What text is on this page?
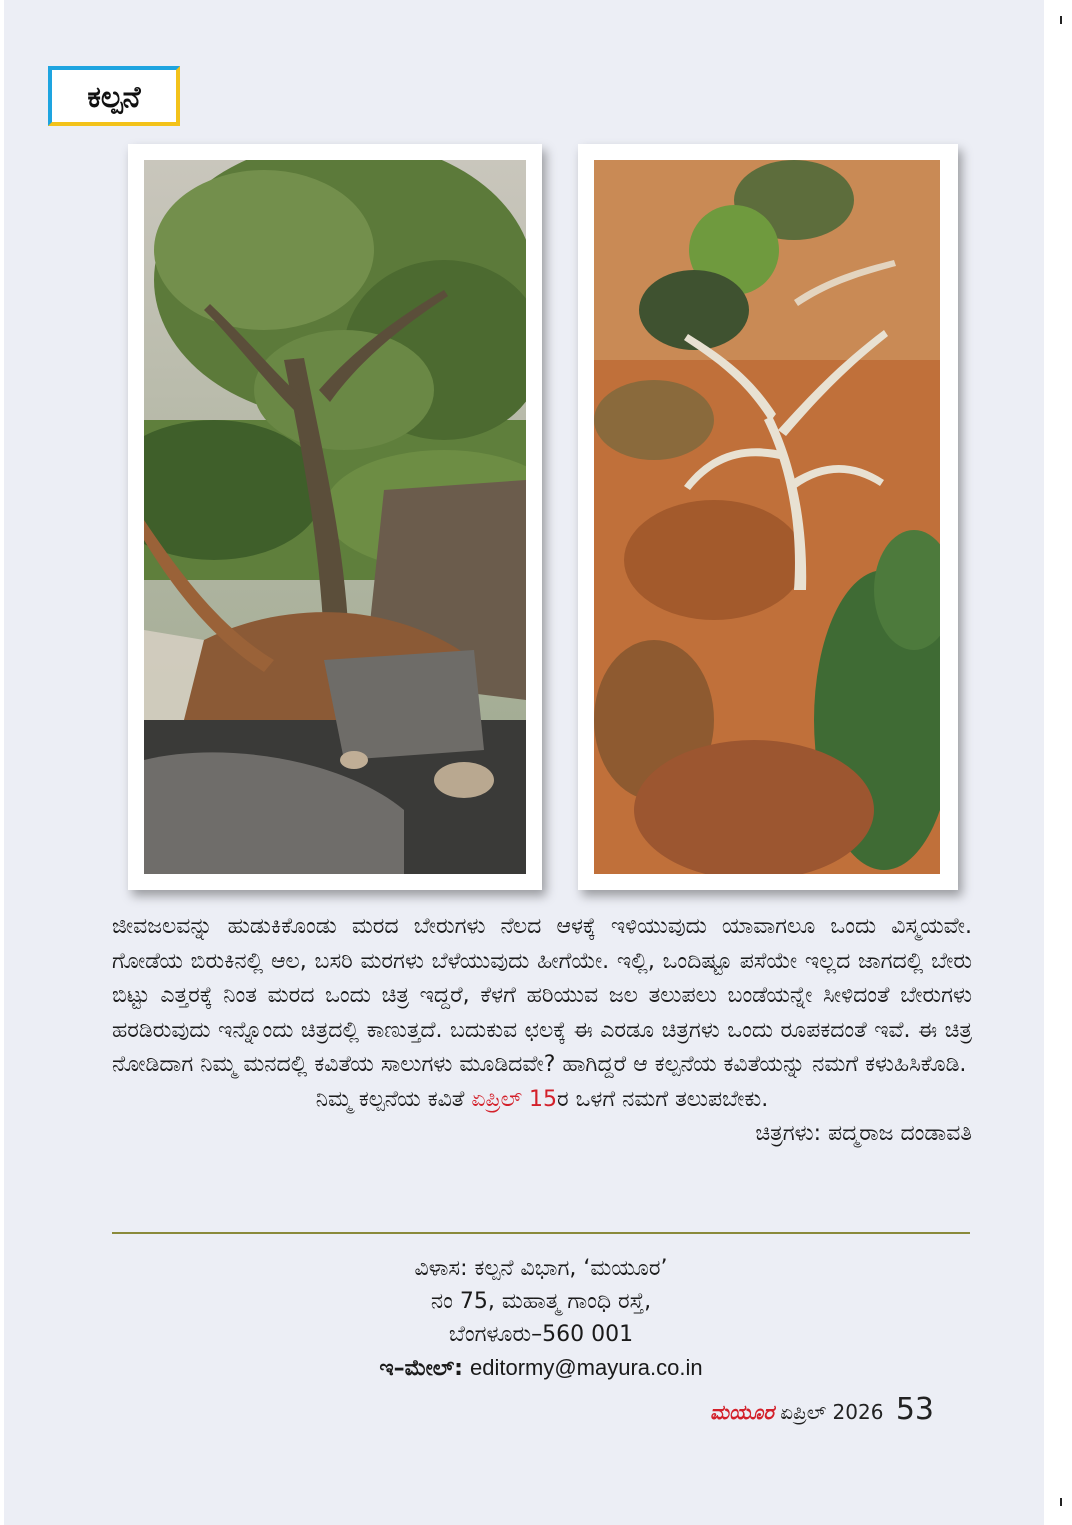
ಕಲ್ಪನೆ
ಜೀವಜಲವನ್ನು ಹುಡುಕಿಕೊಂಡು ಮರದ ಬೇರುಗಳು ನೆಲದ ಆಳಕ್ಕೆ ಇಳಿಯುವುದು ಯಾವಾಗಲೂ ಒಂದು ವಿಸ್ಮಯವೇ. ಗೋಡೆಯ ಬಿರುಕಿನಲ್ಲಿ ಆಲ, ಬಸರಿ ಮರಗಳು ಬೆಳೆಯುವುದು ಹೀಗೆಯೇ. ಇಲ್ಲಿ, ಒಂದಿಷ್ಟೂ ಪಸೆಯೇ ಇಲ್ಲದ ಜಾಗದಲ್ಲಿ ಬೇರು ಬಿಟ್ಟು ಎತ್ತರಕ್ಕೆ ನಿಂತ ಮರದ ಒಂದು ಚಿತ್ರ ಇದ್ದರೆ, ಕೆಳಗೆ ಹರಿಯುವ ಜಲ ತಲುಪಲು ಬಂಡೆಯನ್ನೇ ಸೀಳಿದಂತೆ ಬೇರುಗಳು ಹರಡಿರುವುದು ಇನ್ನೊಂದು ಚಿತ್ರದಲ್ಲಿ ಕಾಣುತ್ತದೆ. ಬದುಕುವ ಛಲಕ್ಕೆ ಈ ಎರಡೂ ಚಿತ್ರಗಳು ಒಂದು ರೂಪಕದಂತೆ ಇವೆ. ಈ ಚಿತ್ರ ನೋಡಿದಾಗ ನಿಮ್ಮ ಮನದಲ್ಲಿ ಕವಿತೆಯ ಸಾಲುಗಳು ಮೂಡಿದವೇ? ಹಾಗಿದ್ದರೆ ಆ ಕಲ್ಪನೆಯ ಕವಿತೆಯನ್ನು ನಮಗೆ ಕಳುಹಿಸಿಕೊಡಿ.
ನಿಮ್ಮ ಕಲ್ಪನೆಯ ಕವಿತೆ ಏಪ್ರಿಲ್ 15ರ ಒಳಗೆ ನಮಗೆ ತಲುಪಬೇಕು.
ಚಿತ್ರಗಳು: ಪದ್ಮರಾಜ ದಂಡಾವತಿ
ವಿಳಾಸ: ಕಲ್ಪನೆ ವಿಭಾಗ, ‘ಮಯೂರ’
ನಂ 75, ಮಹಾತ್ಮ ಗಾಂಧಿ ರಸ್ತೆ,
ಬೆಂಗಳೂರು–560 001
ಇ–ಮೇಲ್: editormy@mayura.co.in
ಮಯೂರ ಏಪ್ರಿಲ್ 2026 53
